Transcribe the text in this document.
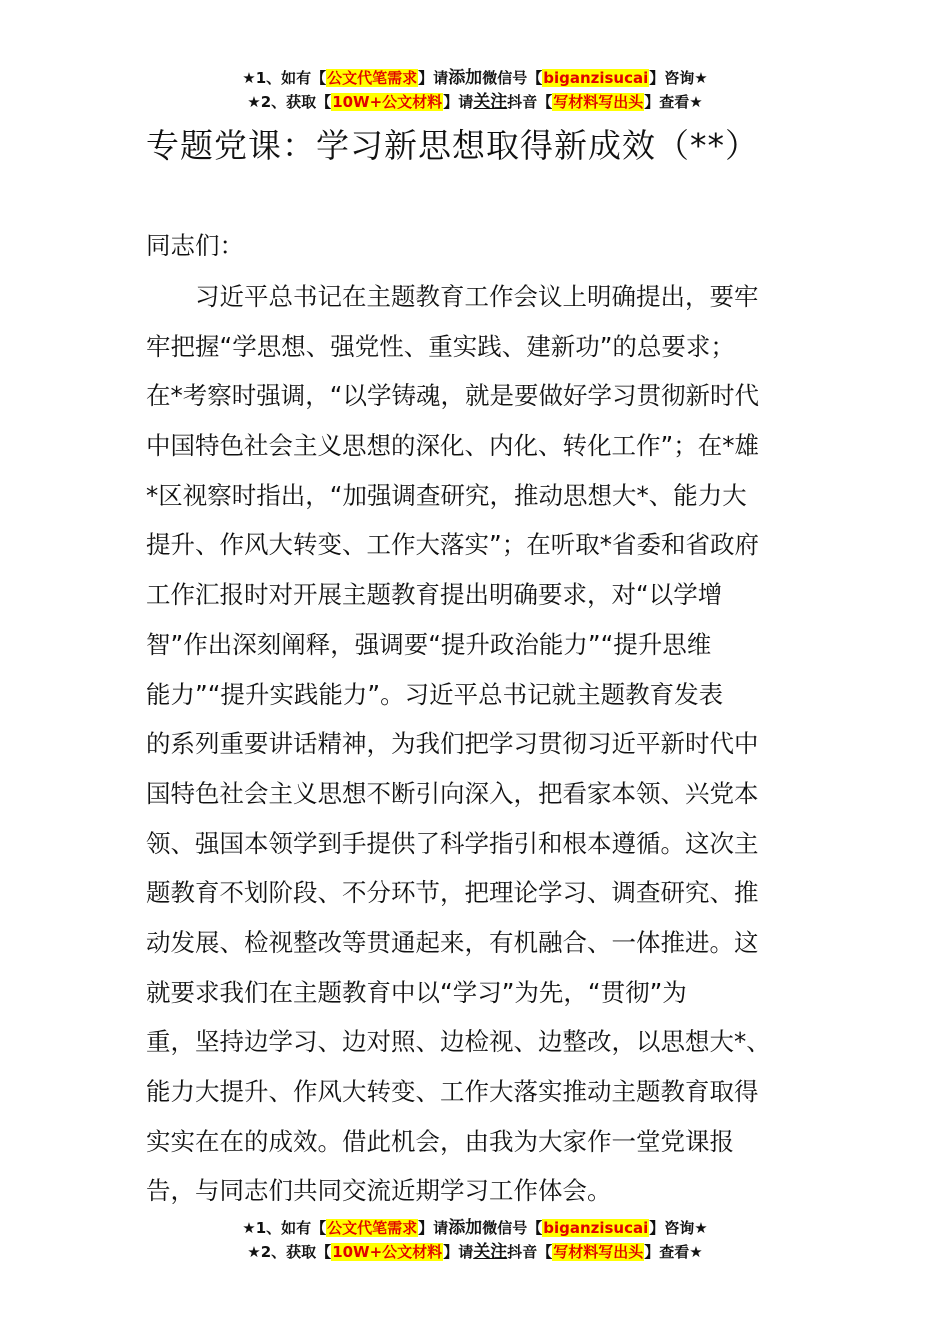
★1、如有【公文代笔需求】请添加微信号【biganzisucai】咨询★
★2、获取【10W+公文材料】请关注抖音【写材料写出头】查看★
专题党课：学习新思想取得新成效（**）
同志们：
习近平总书记在主题教育工作会议上明确提出，要牢
牢把握“学思想、强党性、重实践、建新功”的总要求；
在*考察时强调，“以学铸魂，就是要做好学习贯彻新时代
中国特色社会主义思想的深化、内化、转化工作”；在*雄
*区视察时指出，“加强调查研究，推动思想大*、能力大
提升、作风大转变、工作大落实”；在听取*省委和省政府
工作汇报时对开展主题教育提出明确要求，对“以学增
智”作出深刻阐释，强调要“提升政治能力”“提升思维
能力”“提升实践能力”。习近平总书记就主题教育发表
的系列重要讲话精神，为我们把学习贯彻习近平新时代中
国特色社会主义思想不断引向深入，把看家本领、兴党本
领、强国本领学到手提供了科学指引和根本遵循。这次主
题教育不划阶段、不分环节，把理论学习、调查研究、推
动发展、检视整改等贯通起来，有机融合、一体推进。这
就要求我们在主题教育中以“学习”为先，“贯彻”为
重，坚持边学习、边对照、边检视、边整改，以思想大*、
能力大提升、作风大转变、工作大落实推动主题教育取得
实实在在的成效。借此机会，由我为大家作一堂党课报
告，与同志们共同交流近期学习工作体会。
★1、如有【公文代笔需求】请添加微信号【biganzisucai】咨询★
★2、获取【10W+公文材料】请关注抖音【写材料写出头】查看★
